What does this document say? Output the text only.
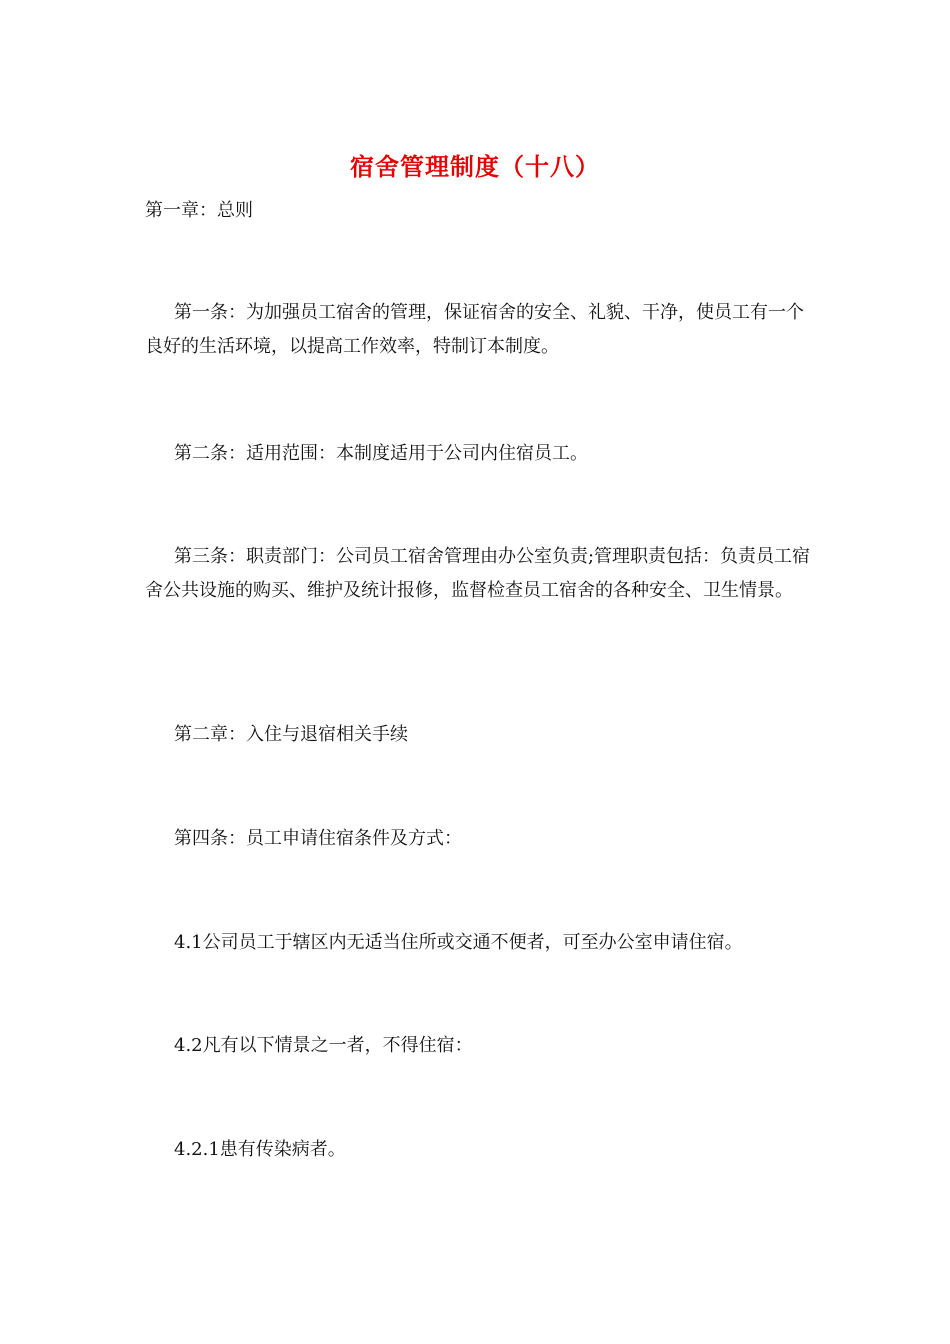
宿舍管理制度（十八）

第一章：总则

第一条：为加强员工宿舍的管理，保证宿舍的安全、礼貌、干净，使员工有一个良好的生活环境，以提高工作效率，特制订本制度。

第二条：适用范围：本制度适用于公司内住宿员工。

第三条：职责部门：公司员工宿舍管理由办公室负责;管理职责包括：负责员工宿舍公共设施的购买、维护及统计报修，监督检查员工宿舍的各种安全、卫生情景。

第二章：入住与退宿相关手续

第四条：员工申请住宿条件及方式：

4.1公司员工于辖区内无适当住所或交通不便者，可至办公室申请住宿。

4.2凡有以下情景之一者，不得住宿：

4.2.1患有传染病者。
